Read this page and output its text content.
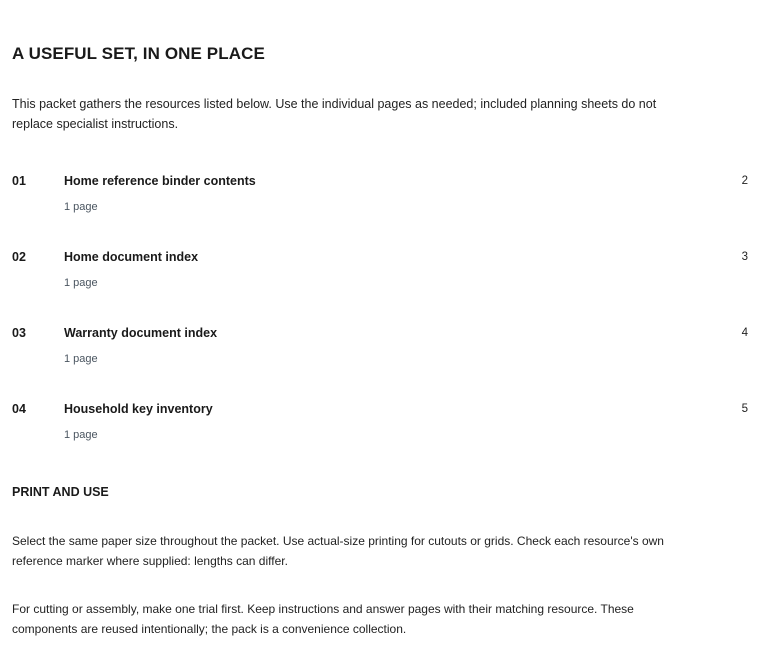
A USEFUL SET, IN ONE PLACE

This packet gathers the resources listed below. Use the individual pages as needed; included planning sheets do not replace specialist instructions.

01	Home reference binder contents
1 page
2
02	Home document index
1 page
3
03	Warranty document index
1 page
4
04	Household key inventory
1 page
5
PRINT AND USE

Select the same paper size throughout the packet. Use actual-size printing for cutouts or grids. Check each resource's own reference marker where supplied: lengths can differ.

For cutting or assembly, make one trial first. Keep instructions and answer pages with their matching resource. These components are reused intentionally; the pack is a convenience collection.
